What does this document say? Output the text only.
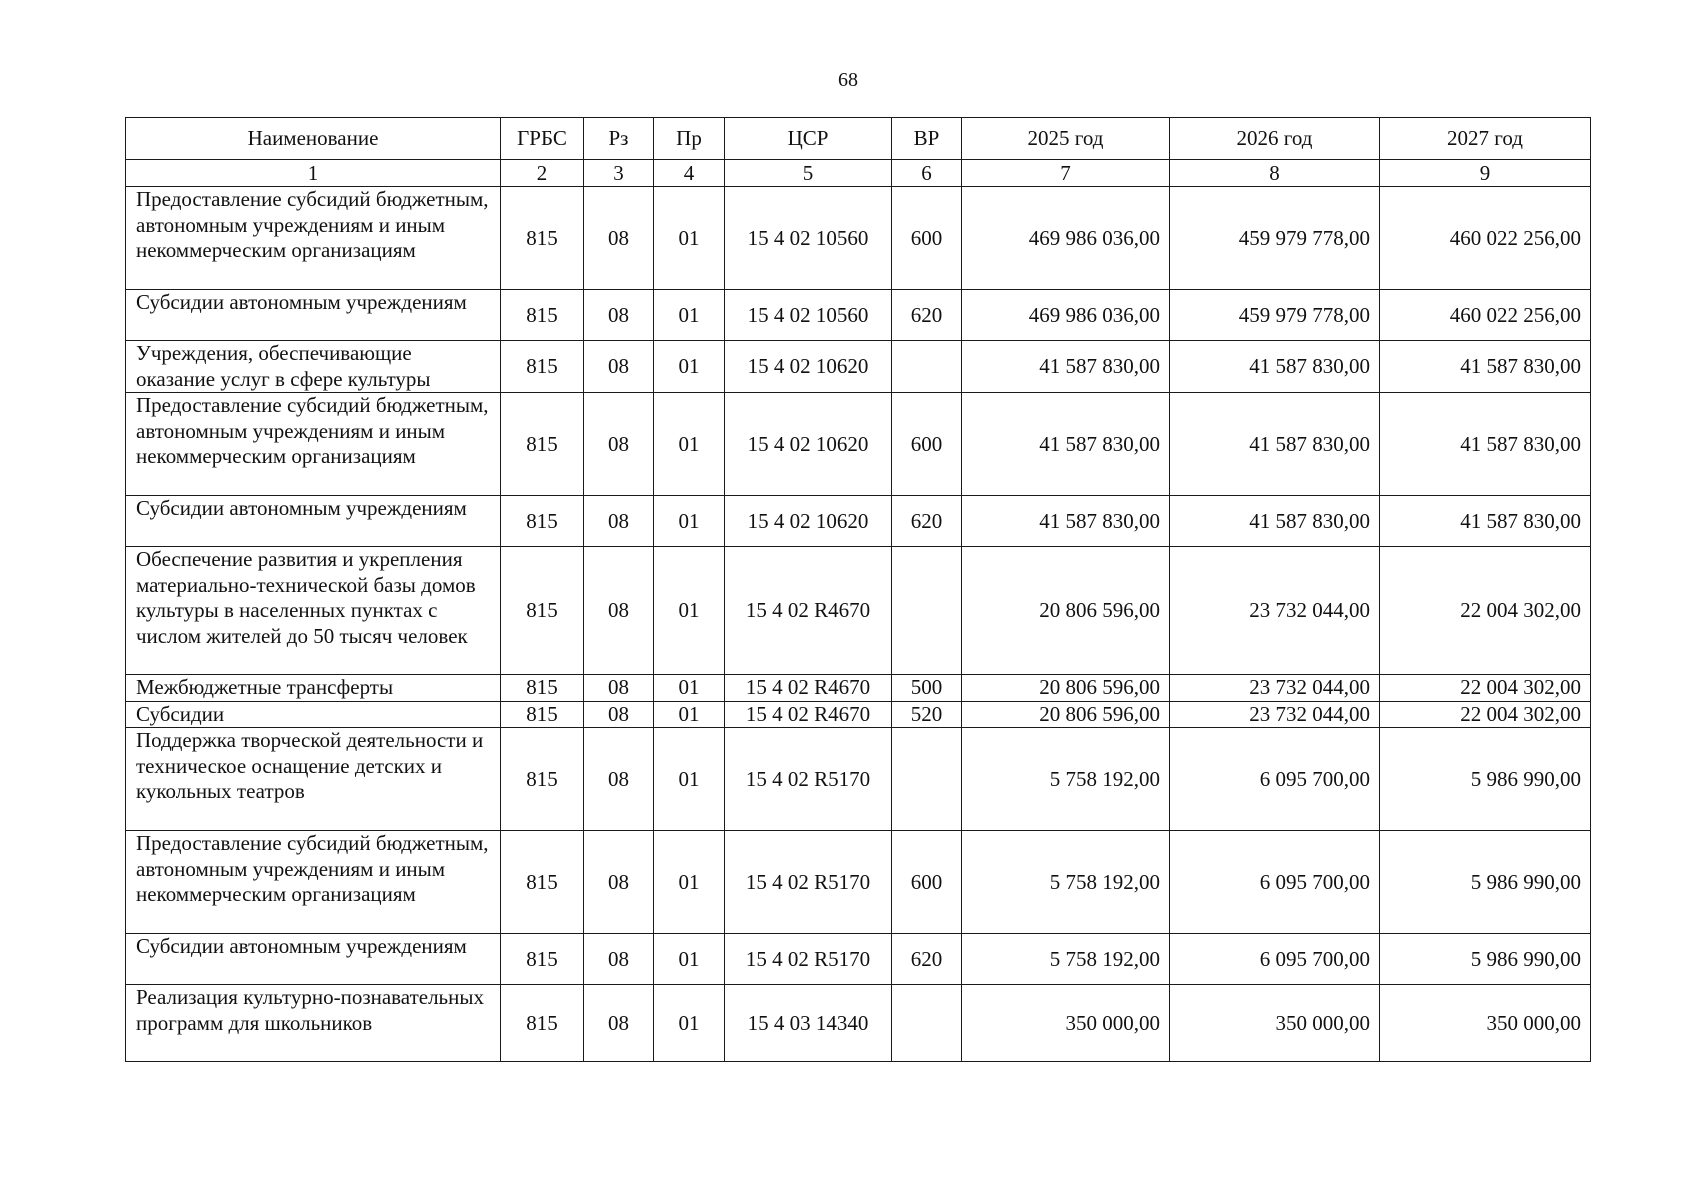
68
Наименование	ГРБС	Рз	Пр	ЦСР	ВР	2025 год	2026 год	2027 год
1	2	3	4	5	6	7	8	9
Предоставление субсидий бюджетным, автономным учреждениям и иным некоммерческим организациям	815	08	01	15 4 02 10560	600	469 986 036,00	459 979 778,00	460 022 256,00
Субсидии автономным учреждениям	815	08	01	15 4 02 10560	620	469 986 036,00	459 979 778,00	460 022 256,00
Учреждения, обеспечивающие оказание услуг в сфере культуры	815	08	01	15 4 02 10620		41 587 830,00	41 587 830,00	41 587 830,00
Предоставление субсидий бюджетным, автономным учреждениям и иным некоммерческим организациям	815	08	01	15 4 02 10620	600	41 587 830,00	41 587 830,00	41 587 830,00
Субсидии автономным учреждениям	815	08	01	15 4 02 10620	620	41 587 830,00	41 587 830,00	41 587 830,00
Обеспечение развития и укрепления материально-технической базы домов культуры в населенных пунктах с числом жителей до 50 тысяч человек	815	08	01	15 4 02 R4670		20 806 596,00	23 732 044,00	22 004 302,00
Межбюджетные трансферты	815	08	01	15 4 02 R4670	500	20 806 596,00	23 732 044,00	22 004 302,00
Субсидии	815	08	01	15 4 02 R4670	520	20 806 596,00	23 732 044,00	22 004 302,00
Поддержка творческой деятельности и техническое оснащение детских и кукольных театров	815	08	01	15 4 02 R5170		5 758 192,00	6 095 700,00	5 986 990,00
Предоставление субсидий бюджетным, автономным учреждениям и иным некоммерческим организациям	815	08	01	15 4 02 R5170	600	5 758 192,00	6 095 700,00	5 986 990,00
Субсидии автономным учреждениям	815	08	01	15 4 02 R5170	620	5 758 192,00	6 095 700,00	5 986 990,00
Реализация культурно-познавательных программ для школьников	815	08	01	15 4 03 14340		350 000,00	350 000,00	350 000,00
